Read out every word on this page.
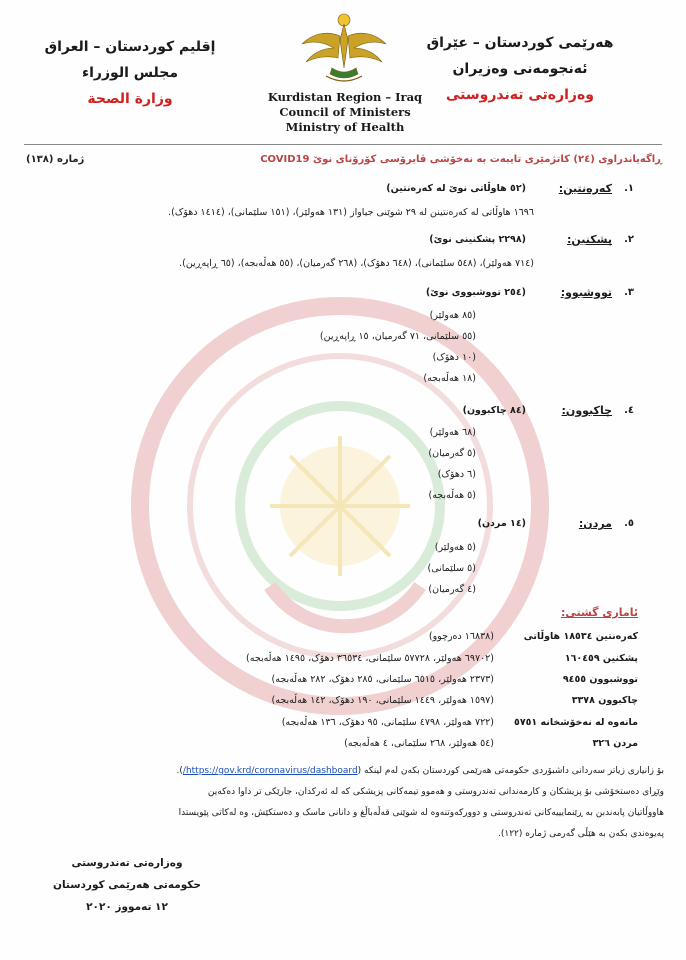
هەرێمی کوردستان – عێراق
ئەنجومەنی وەزیران
وەزارەتی تەندروستی
Kurdistan Region – Iraq
Council of Ministers
Ministry of Health
إقليم كوردستان – العراق
مجلس الوزراء
وزارة الصحة
ڕاگەیاندراوی (٢٤) کاتژمێری تایبەت بە نەخۆشی ڤایرۆسی کۆرۆنای نوێ COVID19
ژمارە (١٣٨)
.١
کەرەنتین:
(٥٢ هاوڵاتی نوێ لە کەرەنتین)
١٦٩٦ هاوڵاتی لە کەرەنتینن لە ٢٩ شوێنی جیاواز (١٣١ هەولێر)، (١٥١ سلێمانی)، (١٤١٤ دهۆک).
.٢
پشکنین:
(٢٢٩٨ پشکنینی نوێ)
(٧١٤ هەولێر)، (٥٤٨ سلێمانی)، (٦٤٨ دهۆک)، (٢٦٨ گەرمیان)، (٥٥ هەڵەبجە)، (٦٥ ڕاپەڕین).
.٣
تووشبوو:
(٢٥٤ تووشبووی نوێ)
(٨٥ هەولێر)
(٥٥ سلێمانی، ٧١ گەرمیان، ١٥ ڕاپەڕین)
(١٠ دهۆک)
(١٨ هەڵەبجە)
.٤
چاکبوون:
(٨٤ چاکبوون)
(٦٨ هەولێر)
(٥ گەرمیان)
(٦ دهۆک)
(٥ هەڵەبجە)
.٥
مردن:
(١٤ مردن)
(٥ هەولێر)
(٥ سلێمانی)
(٤ گەرمیان)
ئاماری گشتی:
کەرەنتین ١٨٥٣٤ هاوڵاتی
(١٦٨٣٨ دەرچوو)
پشکنین ١٦٠٤٥٩
(٦٩٧٠٢ هەولێر، ٥٧٧٢٨ سلێمانی، ٣٦٥٣٤ دهۆک، ١٤٩٥ هەڵەبجە)
تووشبوون ٩٤٥٥
(٢٣٧٣ هەولێر، ٦٥١٥ سلێمانی، ٢٨٥ دهۆک، ٢٨٢ هەڵەبجە)
چاکبوون ٣٣٧٨
(١٥٩٧ هەولێر، ١٤٤٩ سلێمانی، ١٩٠ دهۆک، ١٤٢ هەڵەبجە)
مانەوە لە نەخۆشخانە ٥٧٥١
(٧٢٢ هەولێر، ٤٧٩٨ سلێمانی، ٩٥ دهۆک، ١٣٦ هەڵەبجە)
مردن ٣٢٦
(٥٤ هەولێر، ٢٦٨ سلێمانی، ٤ هەڵەبجە)
بۆ زانیاری زیاتر سەردانی داشبۆردی حکومەتی هەرێمی کوردستان بکەن لەم لینکە (https://gov.krd/coronavirus/dashboard/).
وێڕای دەستخۆشی بۆ پزیشکان و کارمەندانی تەندروستی و هەموو تیمەکانی پزیشکی کە لە ئەرکدان، جارێکی تر داوا دەکەین
هاووڵاتیان پابەندبن بە ڕێنمایییەکانی تەندروستی و دوورکەوتنەوە لە شوێنی قەڵەباڵغ و دانانی ماسک و دەستکێش، وە لەکاتی پێویستدا
پەیوەندی بکەن بە هێڵی گەرمی ژمارە (١٢٢).
وەزارەتی تەندروستی
حکومەتی هەرێمی کوردستان
١٢ تەمووز ٢٠٢٠
